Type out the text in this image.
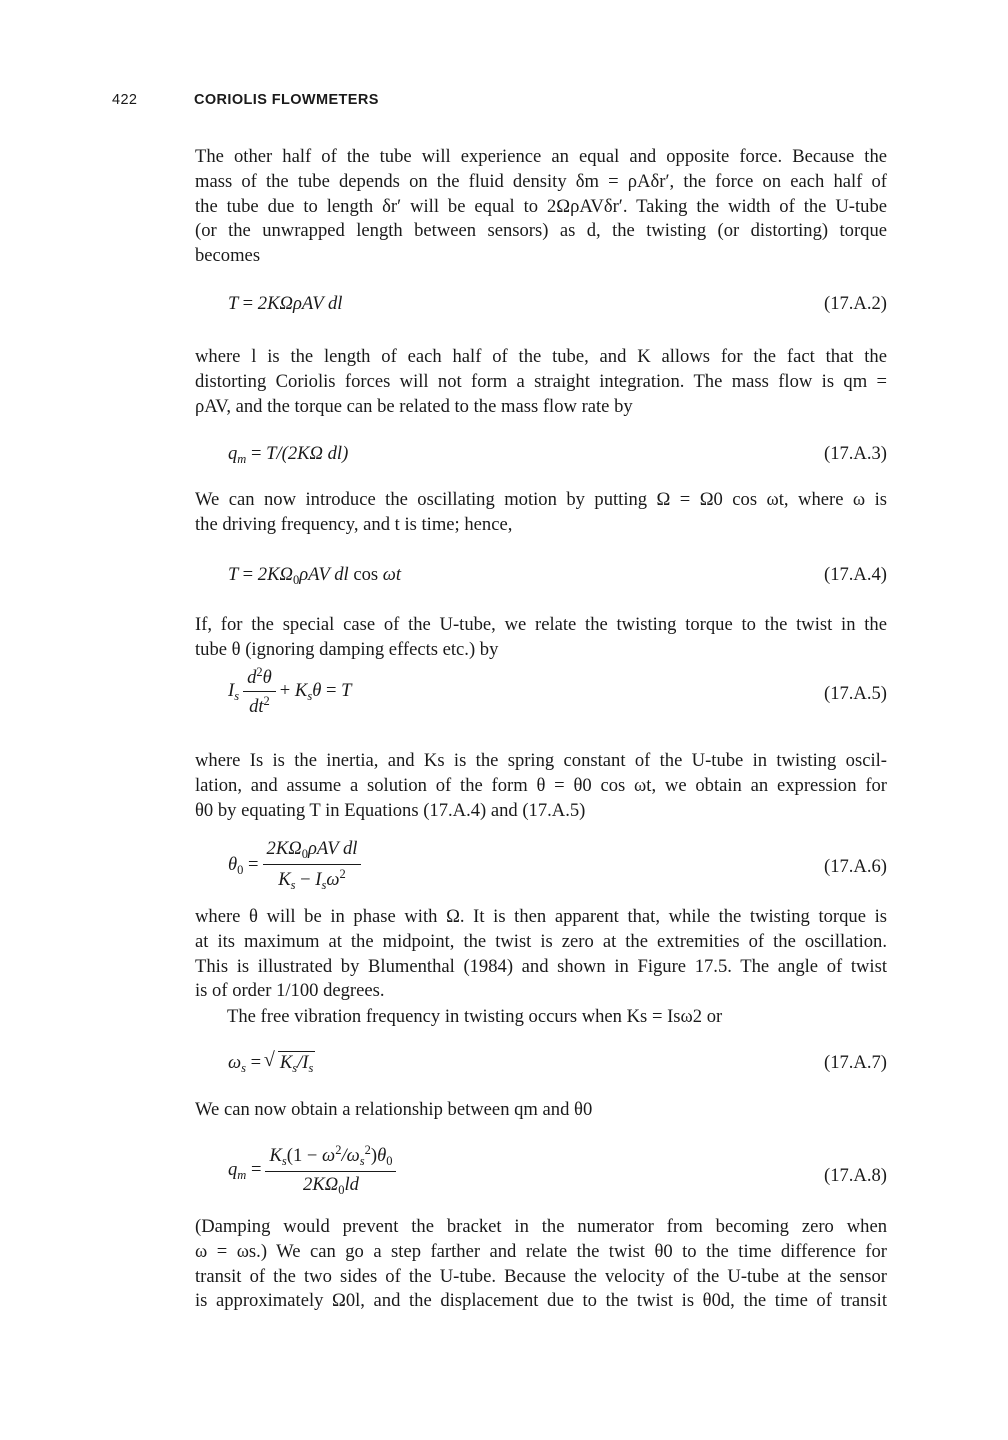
422	CORIOLIS FLOWMETERS

The other half of the tube will experience an equal and opposite force. Because the
mass of the tube depends on the fluid density δm = ρAδr′, the force on each half of
the tube due to length δr′ will be equal to 2ΩρAVδr′. Taking the width of the U-tube
(or the unwrapped length between sensors) as d, the twisting (or distorting) torque
becomes

T = 2KΩρAV dl	(17.A.2)

where l is the length of each half of the tube, and K allows for the fact that the
distorting Coriolis forces will not form a straight integration. The mass flow is qm =
ρAV, and the torque can be related to the mass flow rate by

$q_m = T/(2K\Omega$ dl)	(17.A.3)

We can now introduce the oscillating motion by putting Ω = Ω0 cos ωt, where ω is
the driving frequency, and t is time; hence,

$T = 2K\Omega_0\rho AV$ dl cos ωt	(17.A.4)

If, for the special case of the U-tube, we relate the twisting torque to the twist in the
tube θ (ignoring damping effects etc.) by

$I_s \frac{d^2\theta}{dt^2} + K_s\theta = T$	(17.A.5)

where Is is the inertia, and Ks is the spring constant of the U-tube in twisting oscil-
lation, and assume a solution of the form θ = θ0 cos ωt, we obtain an expression for
θ0 by equating T in Equations (17.A.4) and (17.A.5)

$\theta_0 = \frac{2K\Omega_0\rho AV dl}{K_s - I_s\omega^2}$	(17.A.6)

where θ will be in phase with Ω. It is then apparent that, while the twisting torque is
at its maximum at the midpoint, the twist is zero at the extremities of the oscillation.
This is illustrated by Blumenthal (1984) and shown in Figure 17.5. The angle of twist
is of order 1/100 degrees.

The free vibration frequency in twisting occurs when Ks = Isω2 or

$\omega_s$ = √ $K_s/I_s$	(17.A.7)

We can now obtain a relationship between qm and θ0

$q_m = \frac{K_s(1 - \omega^2/\omega_s^2)\theta_0}{2K\Omega_0ld}$	(17.A.8)

(Damping would prevent the bracket in the numerator from becoming zero when
ω = ωs.) We can go a step farther and relate the twist θ0 to the time difference for
transit of the two sides of the U-tube. Because the velocity of the U-tube at the sensor
is approximately Ω0l, and the displacement due to the twist is θ0d, the time of transit
